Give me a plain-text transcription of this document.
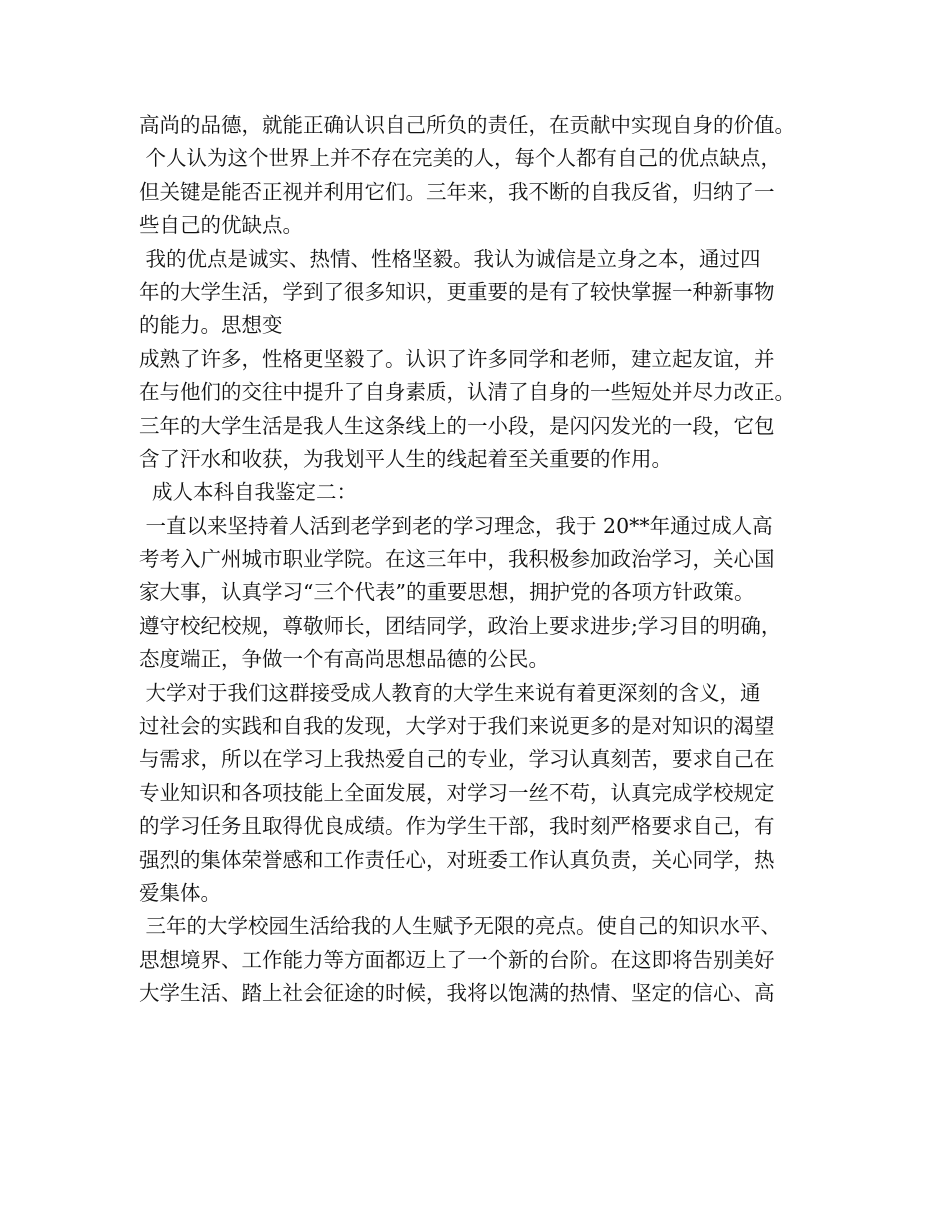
高尚的品德，就能正确认识自己所负的责任，在贡献中实现自身的价值。
个人认为这个世界上并不存在完美的人，每个人都有自己的优点缺点，
但关键是能否正视并利用它们。三年来，我不断的自我反省，归纳了一
些自己的优缺点。
我的优点是诚实、热情、性格坚毅。我认为诚信是立身之本，通过四
年的大学生活，学到了很多知识，更重要的是有了较快掌握一种新事物
的能力。思想变
成熟了许多，性格更坚毅了。认识了许多同学和老师，建立起友谊，并
在与他们的交往中提升了自身素质，认清了自身的一些短处并尽力改正。
三年的大学生活是我人生这条线上的一小段，是闪闪发光的一段，它包
含了汗水和收获，为我划平人生的线起着至关重要的作用。
成人本科自我鉴定二：
一直以来坚持着人活到老学到老的学习理念，我于 20**年通过成人高
考考入广州城市职业学院。在这三年中，我积极参加政治学习，关心国
家大事，认真学习“三个代表”的重要思想，拥护党的各项方针政策。
遵守校纪校规，尊敬师长，团结同学，政治上要求进步;学习目的明确，
态度端正，争做一个有高尚思想品德的公民。
大学对于我们这群接受成人教育的大学生来说有着更深刻的含义，通
过社会的实践和自我的发现，大学对于我们来说更多的是对知识的渴望
与需求，所以在学习上我热爱自己的专业，学习认真刻苦，要求自己在
专业知识和各项技能上全面发展，对学习一丝不苟，认真完成学校规定
的学习任务且取得优良成绩。作为学生干部，我时刻严格要求自己，有
强烈的集体荣誉感和工作责任心，对班委工作认真负责，关心同学，热
爱集体。
三年的大学校园生活给我的人生赋予无限的亮点。使自己的知识水平、
思想境界、工作能力等方面都迈上了一个新的台阶。在这即将告别美好
大学生活、踏上社会征途的时候，我将以饱满的热情、坚定的信心、高
